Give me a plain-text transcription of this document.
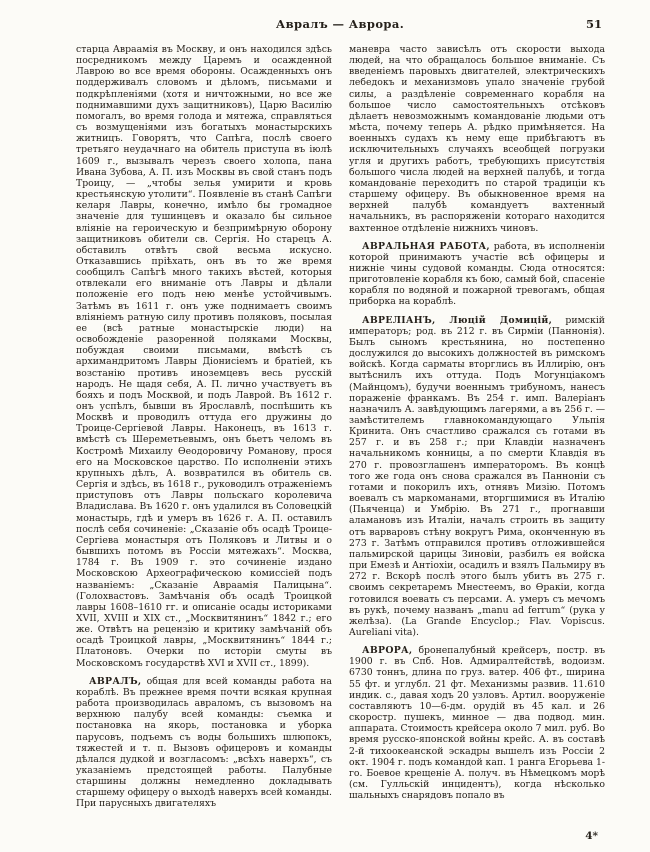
Авралъ — Аврора.	51

старца Авраамія въ Москву, и онъ находился здѣсь посредникомъ между Царемъ и осажденной Лаврою во все время обороны. Осажденныхъ онъ поддерживалъ словомъ и дѣломъ, письмами и подкрѣпленіями (хотя и ничтожными, но все же поднимавшими духъ защитниковъ), Царю Василію помогалъ, во время голода и мятежа, справляться съ возмущеніями изъ богатыхъ монастырскихъ житницъ. Говорятъ, что Сапѣга, послѣ своего третьяго неудачнаго на обитель приступа въ іюлѣ 1609 г., вызывалъ черезъ своего холопа, пана Ивана Зубова, А. П. изъ Москвы въ свой станъ подъ Троицу, — „чтобы зелья умирити и кровь крестьянскую утолити“. Появленіе въ станѣ Сапѣги келаря Лавры, конечно, имѣло бы громадное значеніе для тушинцевъ и оказало бы сильное вліяніе на героическую и безпримѣрную оборону защитниковъ обители св. Сергія. Но старецъ А. обставилъ отвѣтъ свой весьма искусно. Отказавшись пріѣхать, онъ въ то же время сообщилъ Сапѣгѣ много такихъ вѣстей, которыя отвлекали его вниманіе отъ Лавры и дѣлали положеніе его подъ нею менѣе устойчивымъ. Затѣмъ въ 1611 г. онъ уже поднимаетъ своимъ вліяніемъ ратную силу противъ поляковъ, посылая ее (всѣ ратные монастырскіе люди) на освобожденіе разоренной поляками Москвы, побуждая своими письмами, вмѣстѣ съ архимандритомъ Лавры Діонисіемъ и братіей, къ возстанію противъ иноземцевъ весь русскій народъ. Не щадя себя, А. П. лично участвуетъ въ бояхъ и подъ Москвой, и подъ Лаврой. Въ 1612 г. онъ успѣлъ, бывши въ Ярославлѣ, поспѣшить къ Москвѣ и проводилъ оттуда его дружины до Троице-Сергіевой Лавры. Наконецъ, въ 1613 г. вмѣстѣ съ Шереметьевымъ, онъ бьетъ челомъ въ Костромѣ Михаилу Ѳеодоровичу Романову, прося его на Московское царство. По исполненіи этихъ крупныхъ дѣлъ, А. возвратился въ обитель св. Сергія и здѣсь, въ 1618 г., руководилъ отраженіемъ приступовъ отъ Лавры польскаго королевича Владислава. Въ 1620 г. онъ удалился въ Соловецкій монастырь, гдѣ и умеръ въ 1626 г. А. П. оставилъ послѣ себя сочиненіе: „Сказаніе объ осадѣ Троице-Сергіева монастыря отъ Поляковъ и Литвы и о бывшихъ потомъ въ Россіи мятежахъ“. Москва, 1784 г. Въ 1909 г. это сочиненіе издано Московскою Археографическою комиссіей подъ названіемъ: „Сказаніе Авраамія Палицына“. (Голохвастовъ. Замѣчанія объ осадѣ Троицкой лавры 1608–1610 гг. и описаніе осады историками XVII, XVIII и XIX ст., „Москвитянинъ“ 1842 г.; его же. Отвѣтъ на рецензію и критику замѣчаній объ осадѣ Троицкой лавры, „Москвитянинъ“ 1844 г.; Платоновъ. Очерки по исторіи смуты въ Московскомъ государствѣ XVI и XVII ст., 1899).

АВРАЛЪ, общая для всей команды работа на кораблѣ. Въ прежнее время почти всякая крупная работа производилась авраломъ, съ вызовомъ на верхнюю палубу всей команды: съемка и постановка на якорь, постановка и уборка парусовъ, подъемъ съ воды большихъ шлюпокъ, тяжестей и т. п. Вызовъ офицеровъ и команды дѣлался дудкой и возгласомъ: „всѣхъ наверхъ“, съ указаніемъ предстоящей работы. Палубные старшины должны немедленно докладывать старшему офицеру о выходѣ наверхъ всей команды. При парусныхъ двигателяхъ

маневра часто зависѣлъ отъ скорости выхода людей, на что обращалось большое вниманіе. Съ введеніемъ паровыхъ двигателей, электрическихъ лебедокъ и механизмовъ упало значеніе грубой силы, а раздѣленіе современнаго корабля на большое число самостоятельныхъ отсѣковъ дѣлаетъ невозможнымъ командованіе людьми отъ мѣста, почему теперь А. рѣдко примѣняется. На военныхъ судахъ къ нему еще прибѣгаютъ въ исключительныхъ случаяхъ всеобщей погрузки угля и другихъ работъ, требующихъ присутствія большого числа людей на верхней палубѣ, и тогда командованіе переходитъ по старой традиціи къ старшему офицеру. Въ обыкновенное время на верхней палубѣ командуетъ вахтенный начальникъ, въ распоряженіи котораго находится вахтенное отдѣленіе нижнихъ чиновъ.

АВРАЛЬНАЯ РАБОТА, работа, въ исполненіи которой принимаютъ участіе всѣ офицеры и нижніе чины судовой команды. Сюда относятся: приготовленіе корабля къ бою, самый бой, спасеніе корабля по водяной и пожарной тревогамъ, общая приборка на кораблѣ.

АВРЕЛІАНЪ, Люцій Домицій, римскій императоръ; род. въ 212 г. въ Сирміи (Паннонія). Былъ сыномъ крестьянина, но постепенно дослужился до высокихъ должностей въ римскомъ войскѣ. Когда сарматы вторглись въ Иллирію, онъ вытѣснилъ ихъ оттуда. Подъ Могунціакомъ (Майнцомъ), будучи военнымъ трибуномъ, нанесъ пораженіе франкамъ. Въ 254 г. имп. Валеріанъ назначилъ А. завѣдующимъ лагерями, а въ 256 г. — замѣстителемъ главнокомандующаго Ульпія Кринита. Онъ счастливо сражался съ готами въ 257 г. и въ 258 г.; при Клавдіи назначенъ начальникомъ конницы, а по смерти Клавдія въ 270 г. провозглашенъ императоромъ. Въ концѣ того же года онъ снова сражался въ Панноніи съ готами и покорилъ ихъ, отнявъ Мизію. Потомъ воевалъ съ маркоманами, вторгшимися въ Италію (Пьяченца) и Умбрію. Въ 271 г., прогнавши аламановъ изъ Италіи, началъ строить въ защиту отъ варваровъ стѣну вокругъ Рима, оконченную въ 273 г. Затѣмъ отправился противъ отложившейся пальмирской царицы Зиновіи, разбилъ ея войска при Емезѣ и Антіохіи, осадилъ и взялъ Пальмиру въ 272 г. Вскорѣ послѣ этого былъ убитъ въ 275 г. своимъ секретаремъ Мнестеемъ, во Ѳракіи, когда готовился воевать съ персами. А. умеръ съ мечомъ въ рукѣ, почему названъ „manu ad ferrum“ (рука у желѣза). (La Grande Encyclop.; Flav. Vopiscus. Aureliani vita).

АВРОРА, бронепалубный крейсеръ, постр. въ 1900 г. въ Спб. Нов. Адмиралтействѣ, водоизм. 6730 тоннъ, длина по груз. ватер. 406 фт., ширина 55 фт. и углубл. 21 фт. Механизмы развив. 11.610 индик. с., давая ходъ 20 узловъ. Артил. вооруженіе составляютъ 10—6-дм. орудій въ 45 кал. и 26 скоростр. пушекъ, минное — два подвод. мин. аппарата. Стоимость крейсера около 7 мил. руб. Во время русско-японской войны крейс. А. въ составѣ 2-й тихоокеанской эскадры вышелъ изъ Россіи 2 окт. 1904 г. подъ командой кап. 1 ранга Егорьева 1-го. Боевое крещеніе А. получ. въ Нѣмецкомъ морѣ (см. Гулльскій инцидентъ), когда нѣсколько шальныхъ снарядовъ попало въ

4*
